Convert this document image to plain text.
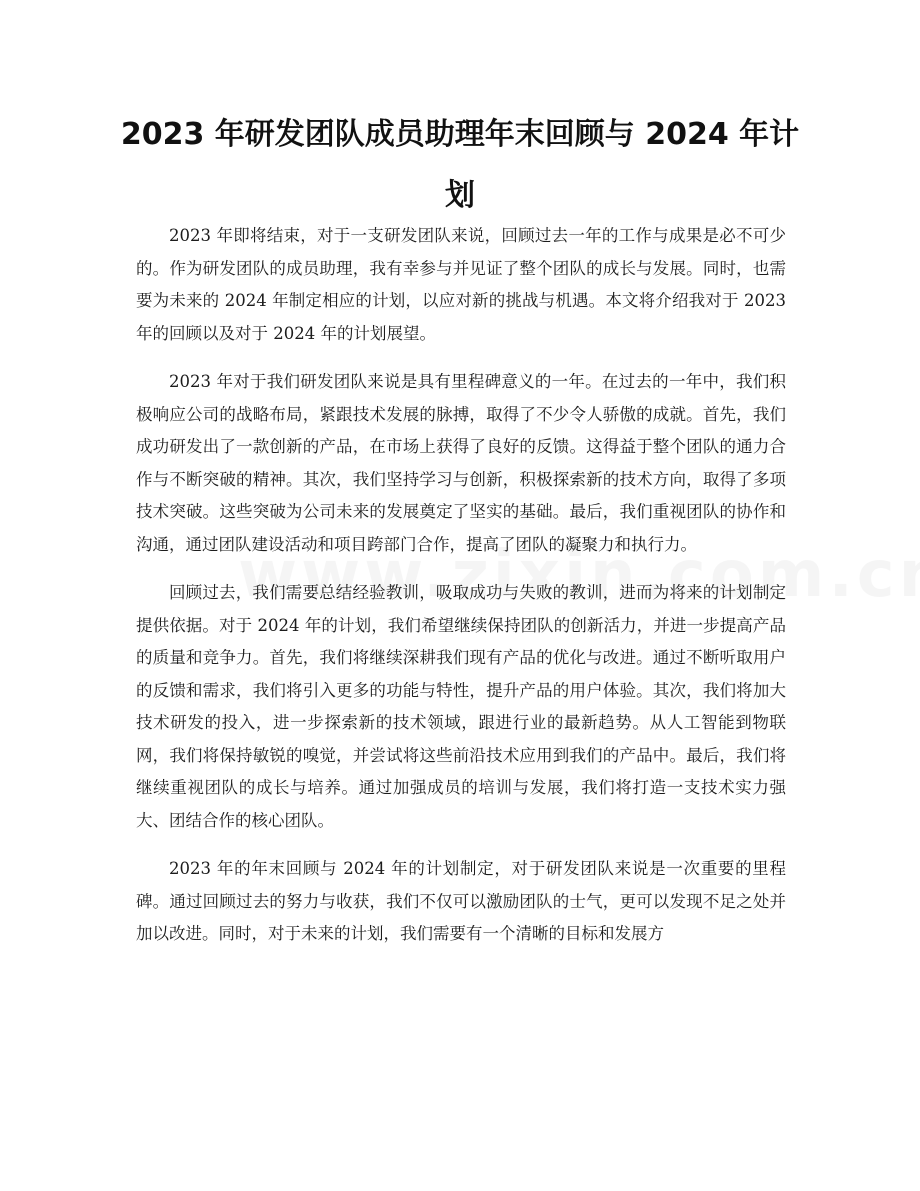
2023 年研发团队成员助理年末回顾与 2024 年计划

2023 年即将结束，对于一支研发团队来说，回顾过去一年的工作与成果是必不可少的。作为研发团队的成员助理，我有幸参与并见证了整个团队的成长与发展。同时，也需要为未来的 2024 年制定相应的计划，以应对新的挑战与机遇。本文将介绍我对于 2023 年的回顾以及对于 2024 年的计划展望。

2023 年对于我们研发团队来说是具有里程碑意义的一年。在过去的一年中，我们积极响应公司的战略布局，紧跟技术发展的脉搏，取得了不少令人骄傲的成就。首先，我们成功研发出了一款创新的产品，在市场上获得了良好的反馈。这得益于整个团队的通力合作与不断突破的精神。其次，我们坚持学习与创新，积极探索新的技术方向，取得了多项技术突破。这些突破为公司未来的发展奠定了坚实的基础。最后，我们重视团队的协作和沟通，通过团队建设活动和项目跨部门合作，提高了团队的凝聚力和执行力。

回顾过去，我们需要总结经验教训，吸取成功与失败的教训，进而为将来的计划制定提供依据。对于 2024 年的计划，我们希望继续保持团队的创新活力，并进一步提高产品的质量和竞争力。首先，我们将继续深耕我们现有产品的优化与改进。通过不断听取用户的反馈和需求，我们将引入更多的功能与特性，提升产品的用户体验。其次，我们将加大技术研发的投入，进一步探索新的技术领域，跟进行业的最新趋势。从人工智能到物联网，我们将保持敏锐的嗅觉，并尝试将这些前沿技术应用到我们的产品中。最后，我们将继续重视团队的成长与培养。通过加强成员的培训与发展，我们将打造一支技术实力强大、团结合作的核心团队。

2023 年的年末回顾与 2024 年的计划制定，对于研发团队来说是一次重要的里程碑。通过回顾过去的努力与收获，我们不仅可以激励团队的士气，更可以发现不足之处并加以改进。同时，对于未来的计划，我们需要有一个清晰的目标和发展方
